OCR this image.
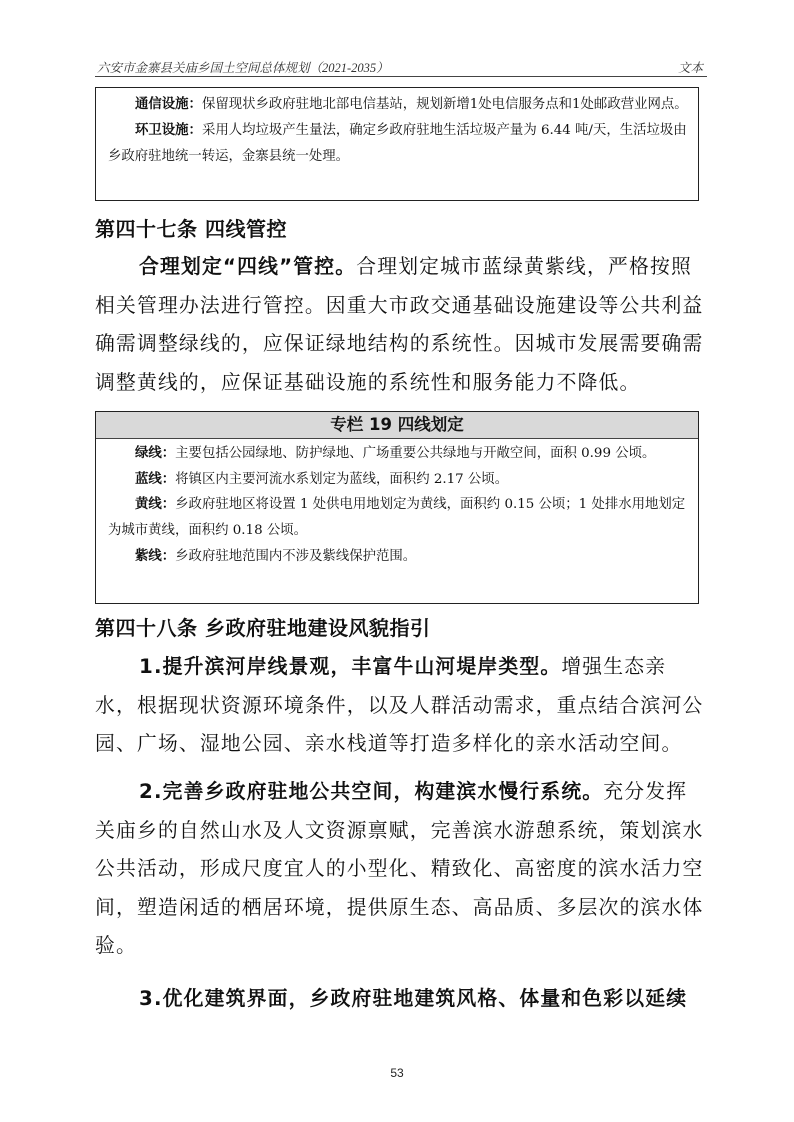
六安市金寨县关庙乡国土空间总体规划（2021-2035）	文本

通信设施：保留现状乡政府驻地北部电信基站，规划新增1处电信服务点和1处邮政营业网点。

环卫设施：采用人均垃圾产生量法，确定乡政府驻地生活垃圾产量为 6.44 吨/天，生活垃圾由乡政府驻地统一转运，金寨县统一处理。

第四十七条 四线管控

合理划定“四线”管控。合理划定城市蓝绿黄紫线，严格按照相关管理办法进行管控。因重大市政交通基础设施建设等公共利益确需调整绿线的，应保证绿地结构的系统性。因城市发展需要确需调整黄线的，应保证基础设施的系统性和服务能力不降低。

专栏 19 四线划定

绿线：主要包括公园绿地、防护绿地、广场重要公共绿地与开敞空间，面积 0.99 公顷。

蓝线：将镇区内主要河流水系划定为蓝线，面积约 2.17 公顷。

黄线：乡政府驻地区将设置 1 处供电用地划定为黄线，面积约 0.15 公顷；1 处排水用地划定为城市黄线，面积约 0.18 公顷。

紫线：乡政府驻地范围内不涉及紫线保护范围。

第四十八条 乡政府驻地建设风貌指引

1.提升滨河岸线景观，丰富牛山河堤岸类型。增强生态亲水，根据现状资源环境条件，以及人群活动需求，重点结合滨河公园、广场、湿地公园、亲水栈道等打造多样化的亲水活动空间。

2.完善乡政府驻地公共空间，构建滨水慢行系统。充分发挥关庙乡的自然山水及人文资源禀赋，完善滨水游憩系统，策划滨水公共活动，形成尺度宜人的小型化、精致化、高密度的滨水活力空间，塑造闲适的栖居环境，提供原生态、高品质、多层次的滨水体验。

3.优化建筑界面，乡政府驻地建筑风格、体量和色彩以延续

53
